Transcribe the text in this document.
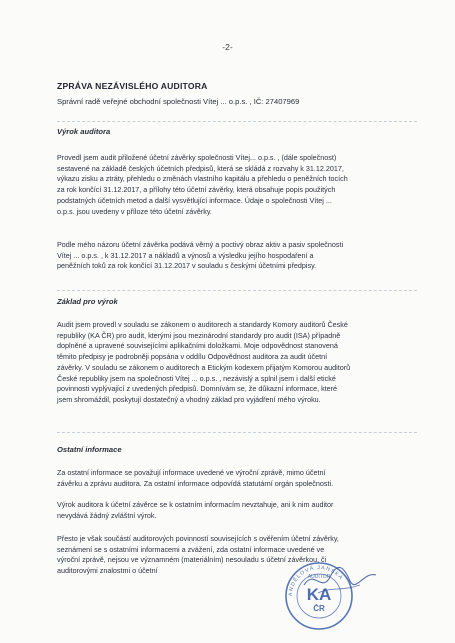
-2-
ZPRÁVA NEZÁVISLÉHO AUDITORA
Správní radě veřejné obchodní společnosti Vítej ... o.p.s. , IČ: 27407969
Výrok auditora
Provedl jsem audit přiložené účetní závěrky společnosti Vítej... o.p.s. , (dále společnost)
sestavené na základě českých účetních předpisů, která se skládá z rozvahy k 31.12.2017,
výkazu zisku a ztráty, přehledu o změnách vlastního kapitálu a přehledu o peněžních tocích
za rok končící 31.12.2017, a přílohy této účetní závěrky, která obsahuje popis použitých
podstatných účetních metod a další vysvětlující informace. Údaje o společnosti Vítej ...
o.p.s. jsou uvedeny v příloze této účetní závěrky.
Podle mého názoru účetní závěrka podává věrný a poctivý obraz aktiv a pasiv společnosti
Vítej ... o.p.s. , k 31.12.2017 a nákladů a výnosů a výsledku jejího hospodaření a
peněžních toků za rok končící 31.12.2017 v souladu s českými účetními předpisy.
Základ pro výrok
Audit jsem provedl v souladu se zákonem o auditorech a standardy Komory auditorů České
republiky (KA ČR) pro audit, kterými jsou mezinárodní standardy pro audit (ISA) případně
doplněné a upravené souvisejícími aplikačními doložkami. Moje odpovědnost stanovená
těmito předpisy je podrobněji popsána v oddílu Odpovědnost auditora za audit účetní
závěrky. V souladu se zákonem o auditorech a Etickým kodexem přijatým Komorou auditorů
České republiky jsem na společnosti Vítej ... o.p.s. , nezávislý a splnil jsem i další etické
povinnosti vyplývající z uvedených předpisů. Domnívám se, že důkazní informace, které
jsem shromáždil, poskytují dostatečný a vhodný základ pro vyjádření mého výroku.
Ostatní informace
Za ostatní informace se považují informace uvedené ve výroční zprávě, mimo účetní
závěrku a zprávu auditora. Za ostatní informace odpovídá statutární orgán společnosti.
Výrok auditora k účetní závěrce se k ostatním informacím nevztahuje, ani k nim auditor
nevydává žádný zvláštní výrok.
Přesto je však součástí auditorových povinností souvisejících s ověřením účetní závěrky,
seznámení se s ostatními informacemi a zvážení, zda ostatní informace uvedené ve
výroční zprávě, nejsou ve významném (materiálním) nesouladu s účetní závěrkou, či
auditorovými znalostmi o účetní
ANDĚLOVÁ JANSKÁ
AUDITOR
KA
ČR
